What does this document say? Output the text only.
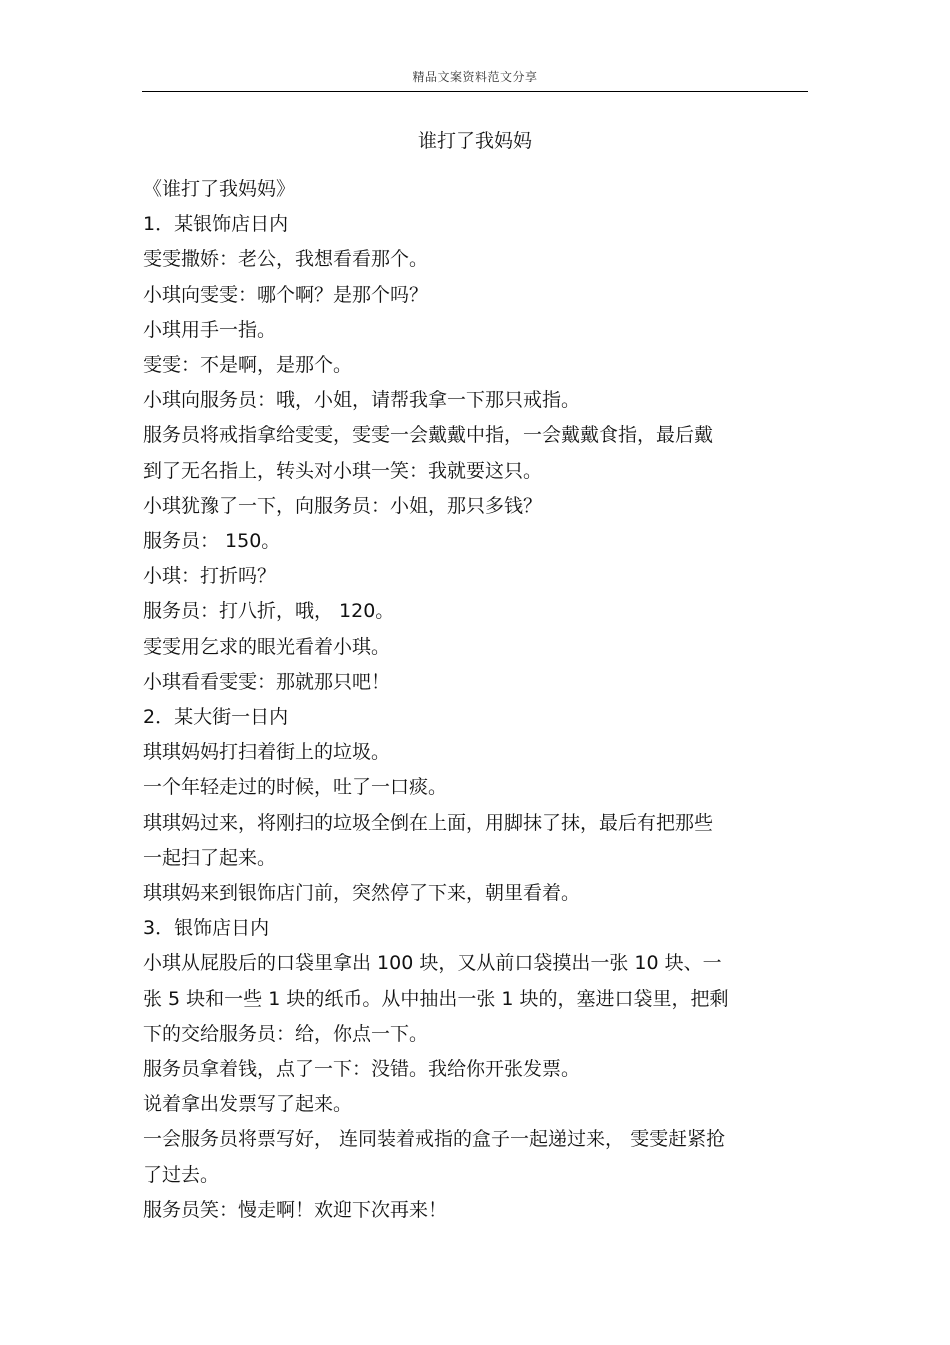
精品文案资料范文分享
谁打了我妈妈

《谁打了我妈妈》

1．某银饰店日内

雯雯撒娇：老公，我想看看那个。

小琪向雯雯：哪个啊？是那个吗？

小琪用手一指。

雯雯：不是啊，是那个。

小琪向服务员：哦，小姐，请帮我拿一下那只戒指。

服务员将戒指拿给雯雯，雯雯一会戴戴中指，一会戴戴食指，最后戴

到了无名指上，转头对小琪一笑：我就要这只。

小琪犹豫了一下，向服务员：小姐，那只多钱？

服务员： 150。

小琪：打折吗？

服务员：打八折，哦， 120。

雯雯用乞求的眼光看着小琪。

小琪看看雯雯：那就那只吧！

2．某大街一日内

琪琪妈妈打扫着街上的垃圾。

一个年轻走过的时候，吐了一口痰。

琪琪妈过来，将刚扫的垃圾全倒在上面，用脚抹了抹，最后有把那些

一起扫了起来。

琪琪妈来到银饰店门前，突然停了下来，朝里看着。

3．银饰店日内

小琪从屁股后的口袋里拿出 100 块，又从前口袋摸出一张 10 块、一

张 5 块和一些 1 块的纸币。从中抽出一张 1 块的，塞进口袋里，把剩

下的交给服务员：给，你点一下。

服务员拿着钱，点了一下：没错。我给你开张发票。

说着拿出发票写了起来。

一会服务员将票写好， 连同装着戒指的盒子一起递过来， 雯雯赶紧抢

了过去。

服务员笑：慢走啊！欢迎下次再来！
